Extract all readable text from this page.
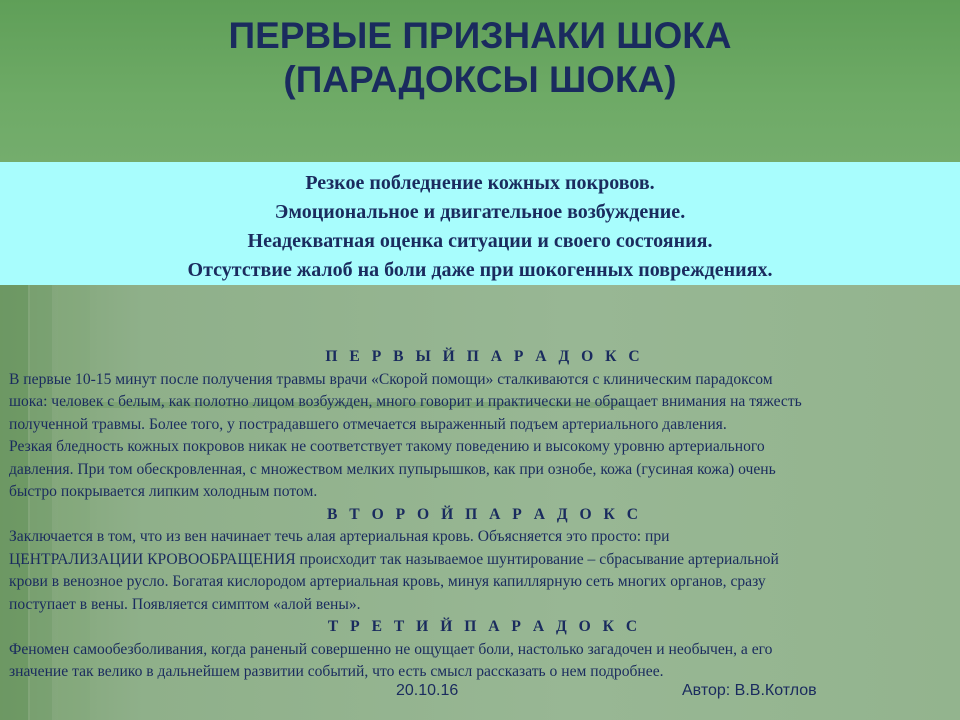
ПЕРВЫЕ ПРИЗНАКИ ШОКА
(ПАРАДОКСЫ ШОКА)
Резкое побледнение кожных покровов.
Эмоциональное и двигательное возбуждение.
Неадекватная оценка ситуации и своего состояния.
Отсутствие жалоб на боли даже при шокогенных повреждениях.
П Е Р В Ы Й П А Р А Д О К С
В первые 10-15 минут после получения травмы врачи «Скорой помощи» сталкиваются с клиническим парадоксом
шока: человек с белым, как полотно лицом возбужден, много говорит и практически не обращает внимания на тяжесть
полученной травмы. Более того, у пострадавшего отмечается выраженный подъем артериального давления.
Резкая бледность кожных покровов никак не соответствует такому поведению и высокому уровню артериального
давления. При том обескровленная, с множеством мелких пупырышков, как при ознобе, кожа (гусиная кожа) очень
быстро покрывается липким холодным потом.
В Т О Р О Й П А Р А Д О К С
Заключается в том, что из вен начинает течь алая артериальная кровь. Объясняется это просто: при
ЦЕНТРАЛИЗАЦИИ КРОВООБРАЩЕНИЯ происходит так называемое шунтирование – сбрасывание артериальной
крови в венозное русло. Богатая кислородом артериальная кровь, минуя капиллярную сеть многих органов, сразу
поступает в вены. Появляется симптом «алой вены».
Т Р Е Т И Й П А Р А Д О К С
Феномен самообезболивания, когда раненый совершенно не ощущает боли, настолько загадочен и необычен, а его
значение так велико в дальнейшем развитии событий, что есть смысл рассказать о нем подробнее.
20.10.16	Автор: В.В.Котлов
